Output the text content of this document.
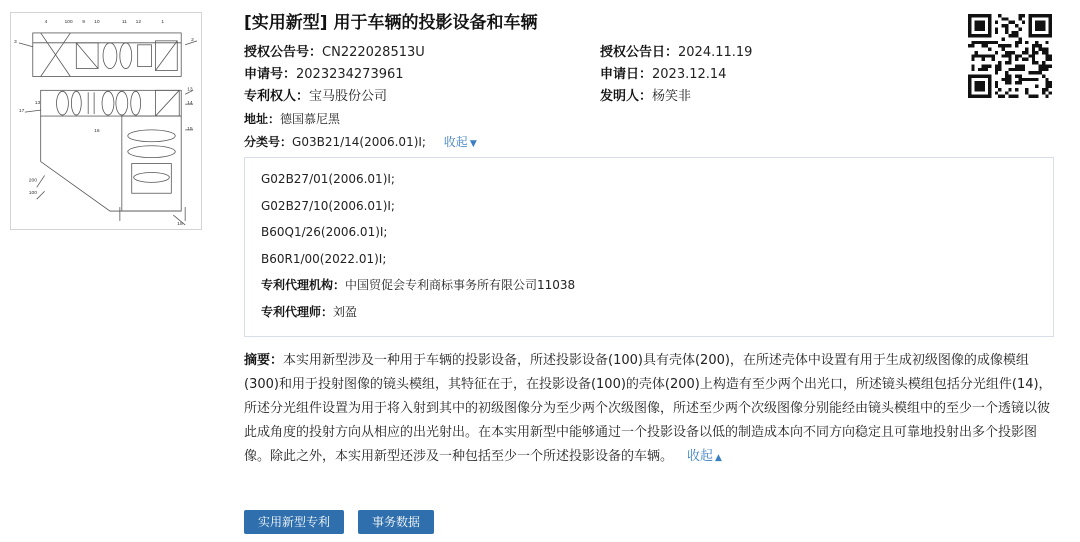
4	100 9 10	11 12	1
3
17
13
16
2
13
14
15
18
200
100
[实用新型] 用于车辆的投影设备和车辆
授权公告号：CN222028513U	授权公告日：2024.11.19
申请号：2023234273961	申请日：2023.12.14
专利权人：宝马股份公司	发明人：杨笑非
地址：德国慕尼黑
分类号：G03B21/14(2006.01)I; 收起 ▼
G02B27/01(2006.01)I;
G02B27/10(2006.01)I;
B60Q1/26(2006.01)I;
B60R1/00(2022.01)I;
专利代理机构：中国贸促会专利商标事务所有限公司11038
专利代理师：刘盈
摘要：本实用新型涉及一种用于车辆的投影设备，所述投影设备(100)具有壳体(200)，在所述壳体中设置有用于生成初级图像的成像模组(300)和用于投射图像的镜头模组，其特征在于，在投影设备(100)的壳体(200)上构造有至少两个出光口，所述镜头模组包括分光组件(14)，所述分光组件设置为用于将入射到其中的初级图像分为至少两个次级图像，所述至少两个次级图像分别能经由镜头模组中的至少一个透镜以彼此成角度的投射方向从相应的出光射出。在本实用新型中能够通过一个投影设备以低的制造成本向不同方向稳定且可靠地投射出多个投影图像。除此之外，本实用新型还涉及一种包括至少一个所述投影设备的车辆。 收起 ▲
实用新型专利	事务数据
